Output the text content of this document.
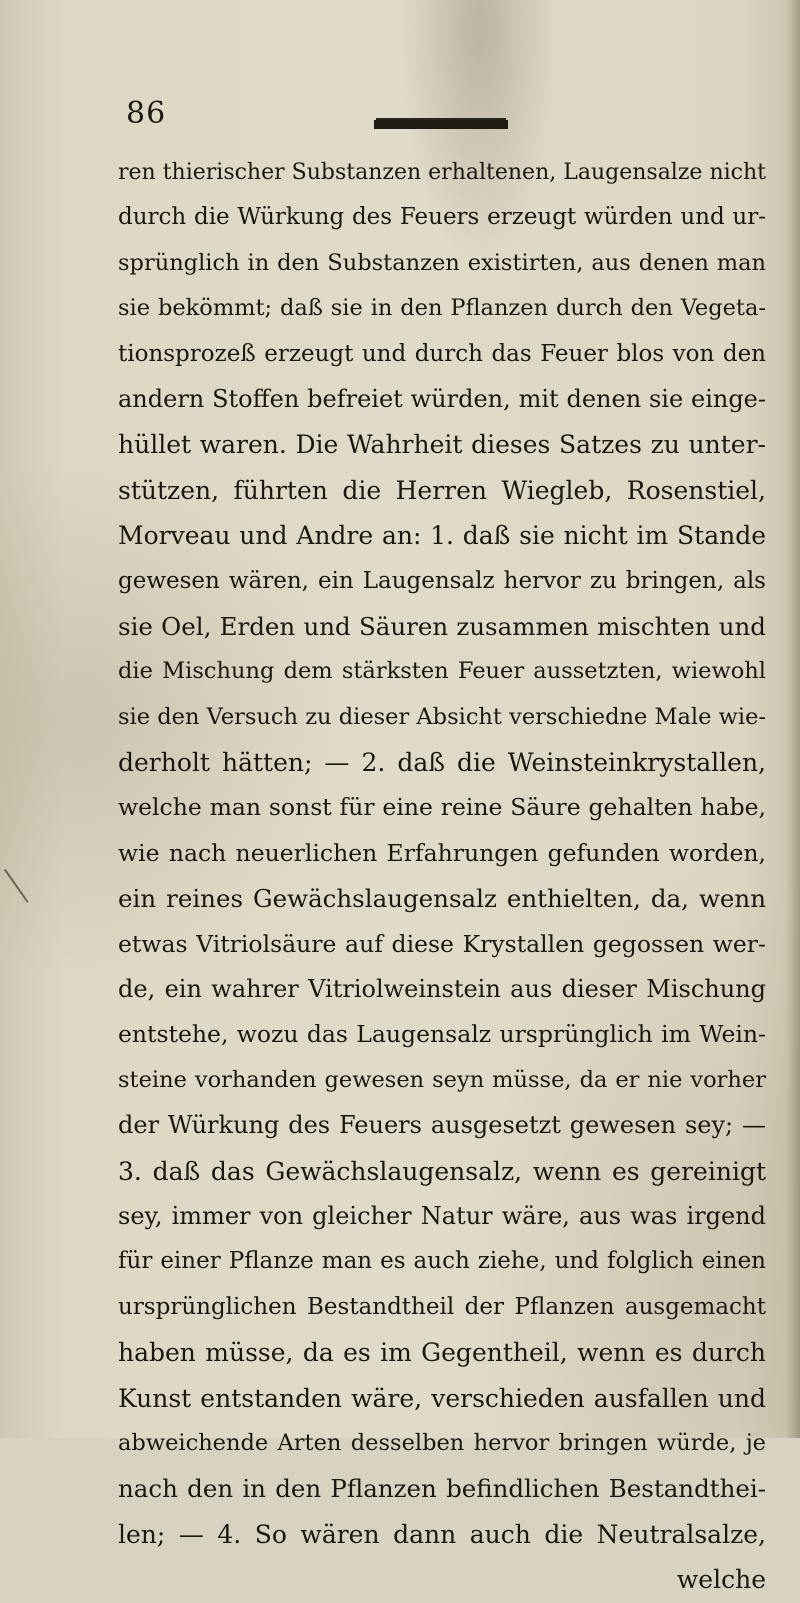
86
ren thierischer Substanzen erhaltenen, Laugensalze nicht
durch die Würkung des Feuers erzeugt würden und ur-
sprünglich in den Substanzen existirten, aus denen man
sie bekömmt; daß sie in den Pflanzen durch den Vegeta-
tionsprozeß erzeugt und durch das Feuer blos von den
andern Stoffen befreiet würden, mit denen sie einge-
hüllet waren. Die Wahrheit dieses Satzes zu unter-
stützen, führten die Herren Wiegleb, Rosenstiel,
Morveau und Andre an: 1. daß sie nicht im Stande
gewesen wären, ein Laugensalz hervor zu bringen, als
sie Oel, Erden und Säuren zusammen mischten und
die Mischung dem stärksten Feuer aussetzten, wiewohl
sie den Versuch zu dieser Absicht verschiedne Male wie-
derholt hätten; — 2. daß die Weinsteinkrystallen,
welche man sonst für eine reine Säure gehalten habe,
wie nach neuerlichen Erfahrungen gefunden worden,
ein reines Gewächslaugensalz enthielten, da, wenn
etwas Vitriolsäure auf diese Krystallen gegossen wer-
de, ein wahrer Vitriolweinstein aus dieser Mischung
entstehe, wozu das Laugensalz ursprünglich im Wein-
steine vorhanden gewesen seyn müsse, da er nie vorher
der Würkung des Feuers ausgesetzt gewesen sey; —
3. daß das Gewächslaugensalz, wenn es gereinigt
sey, immer von gleicher Natur wäre, aus was irgend
für einer Pflanze man es auch ziehe, und folglich einen
ursprünglichen Bestandtheil der Pflanzen ausgemacht
haben müsse, da es im Gegentheil, wenn es durch
Kunst entstanden wäre, verschieden ausfallen und
abweichende Arten desselben hervor bringen würde, je
nach den in den Pflanzen befindlichen Bestandthei-
len; — 4. So wären dann auch die Neutralsalze,
welche
